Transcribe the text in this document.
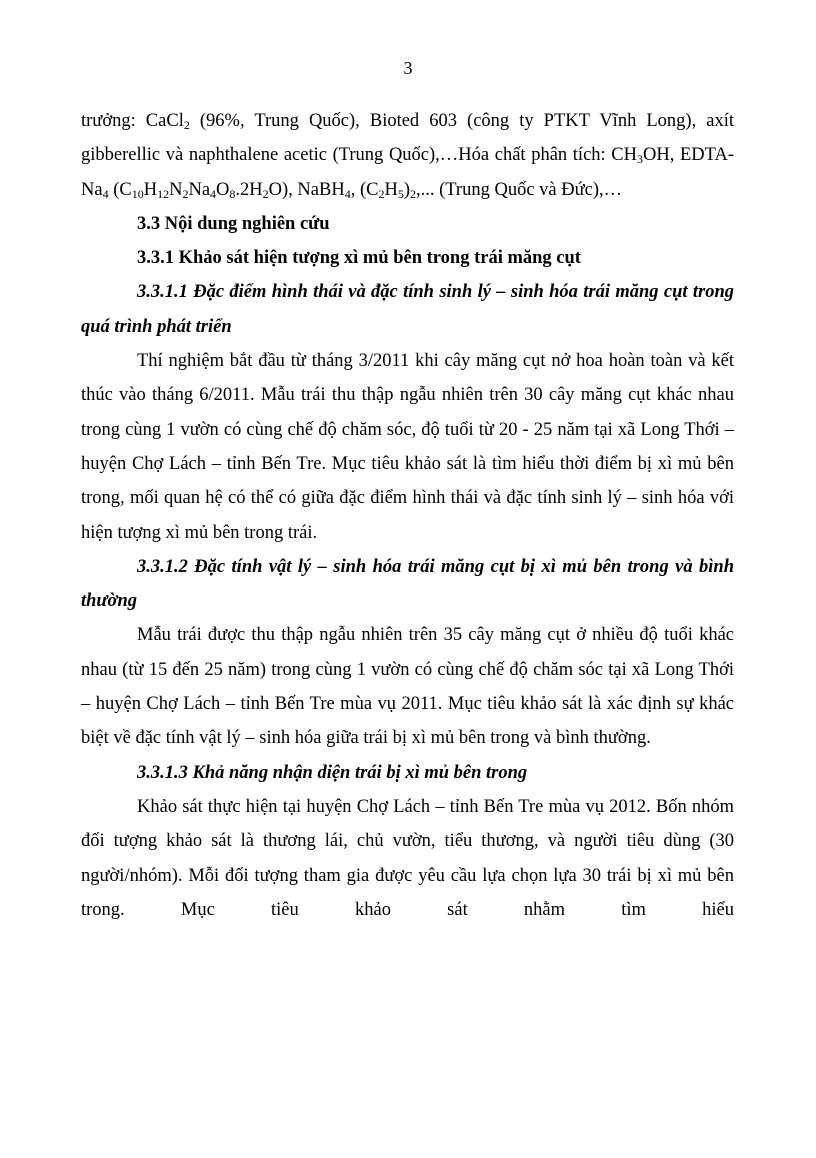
3

trưởng: CaCl$_2$ (96%, Trung Quốc), Bioted 603 (công ty PTKT Vĩnh Long), axít gibberellic và naphthalene acetic (Trung Quốc),…Hóa chất phân tích: $CH_3OH$, EDTA-$Na_4$ $(C_{10}H_{12}N_2Na_4O_8.2H_2O)$, NaBH$_4$, $(C_2H_5)_2$,... (Trung Quốc và Đức),…

3.3 Nội dung nghiên cứu

3.3.1 Khảo sát hiện tượng xì mủ bên trong trái măng cụt

3.3.1.1 Đặc điểm hình thái và đặc tính sinh lý – sinh hóa trái măng cụt trong quá trình phát triển

Thí nghiệm bắt đầu từ tháng 3/2011 khi cây măng cụt nở hoa hoàn toàn và kết thúc vào tháng 6/2011. Mẫu trái thu thập ngẫu nhiên trên 30 cây măng cụt khác nhau trong cùng 1 vườn có cùng chế độ chăm sóc, độ tuổi từ 20 - 25 năm tại xã Long Thới – huyện Chợ Lách – tỉnh Bến Tre. Mục tiêu khảo sát là tìm hiểu thời điểm bị xì mủ bên trong, mối quan hệ có thể có giữa đặc điểm hình thái và đặc tính sinh lý – sinh hóa với hiện tượng xì mủ bên trong trái.

3.3.1.2 Đặc tính vật lý – sinh hóa trái măng cụt bị xì mủ bên trong và bình thường

Mẫu trái được thu thập ngẫu nhiên trên 35 cây măng cụt ở nhiều độ tuổi khác nhau (từ 15 đến 25 năm) trong cùng 1 vườn có cùng chế độ chăm sóc tại xã Long Thới – huyện Chợ Lách – tỉnh Bến Tre mùa vụ 2011. Mục tiêu khảo sát là xác định sự khác biệt về đặc tính vật lý – sinh hóa giữa trái bị xì mủ bên trong và bình thường.

3.3.1.3 Khả năng nhận diện trái bị xì mủ bên trong

Khảo sát thực hiện tại huyện Chợ Lách – tỉnh Bến Tre mùa vụ 2012. Bốn nhóm đối tượng khảo sát là thương lái, chủ vườn, tiểu thương, và người tiêu dùng (30 người/nhóm). Mỗi đối tượng tham gia được yêu cầu lựa chọn lựa 30 trái bị xì mủ bên trong. Mục tiêu khảo sát nhằm tìm hiểu
